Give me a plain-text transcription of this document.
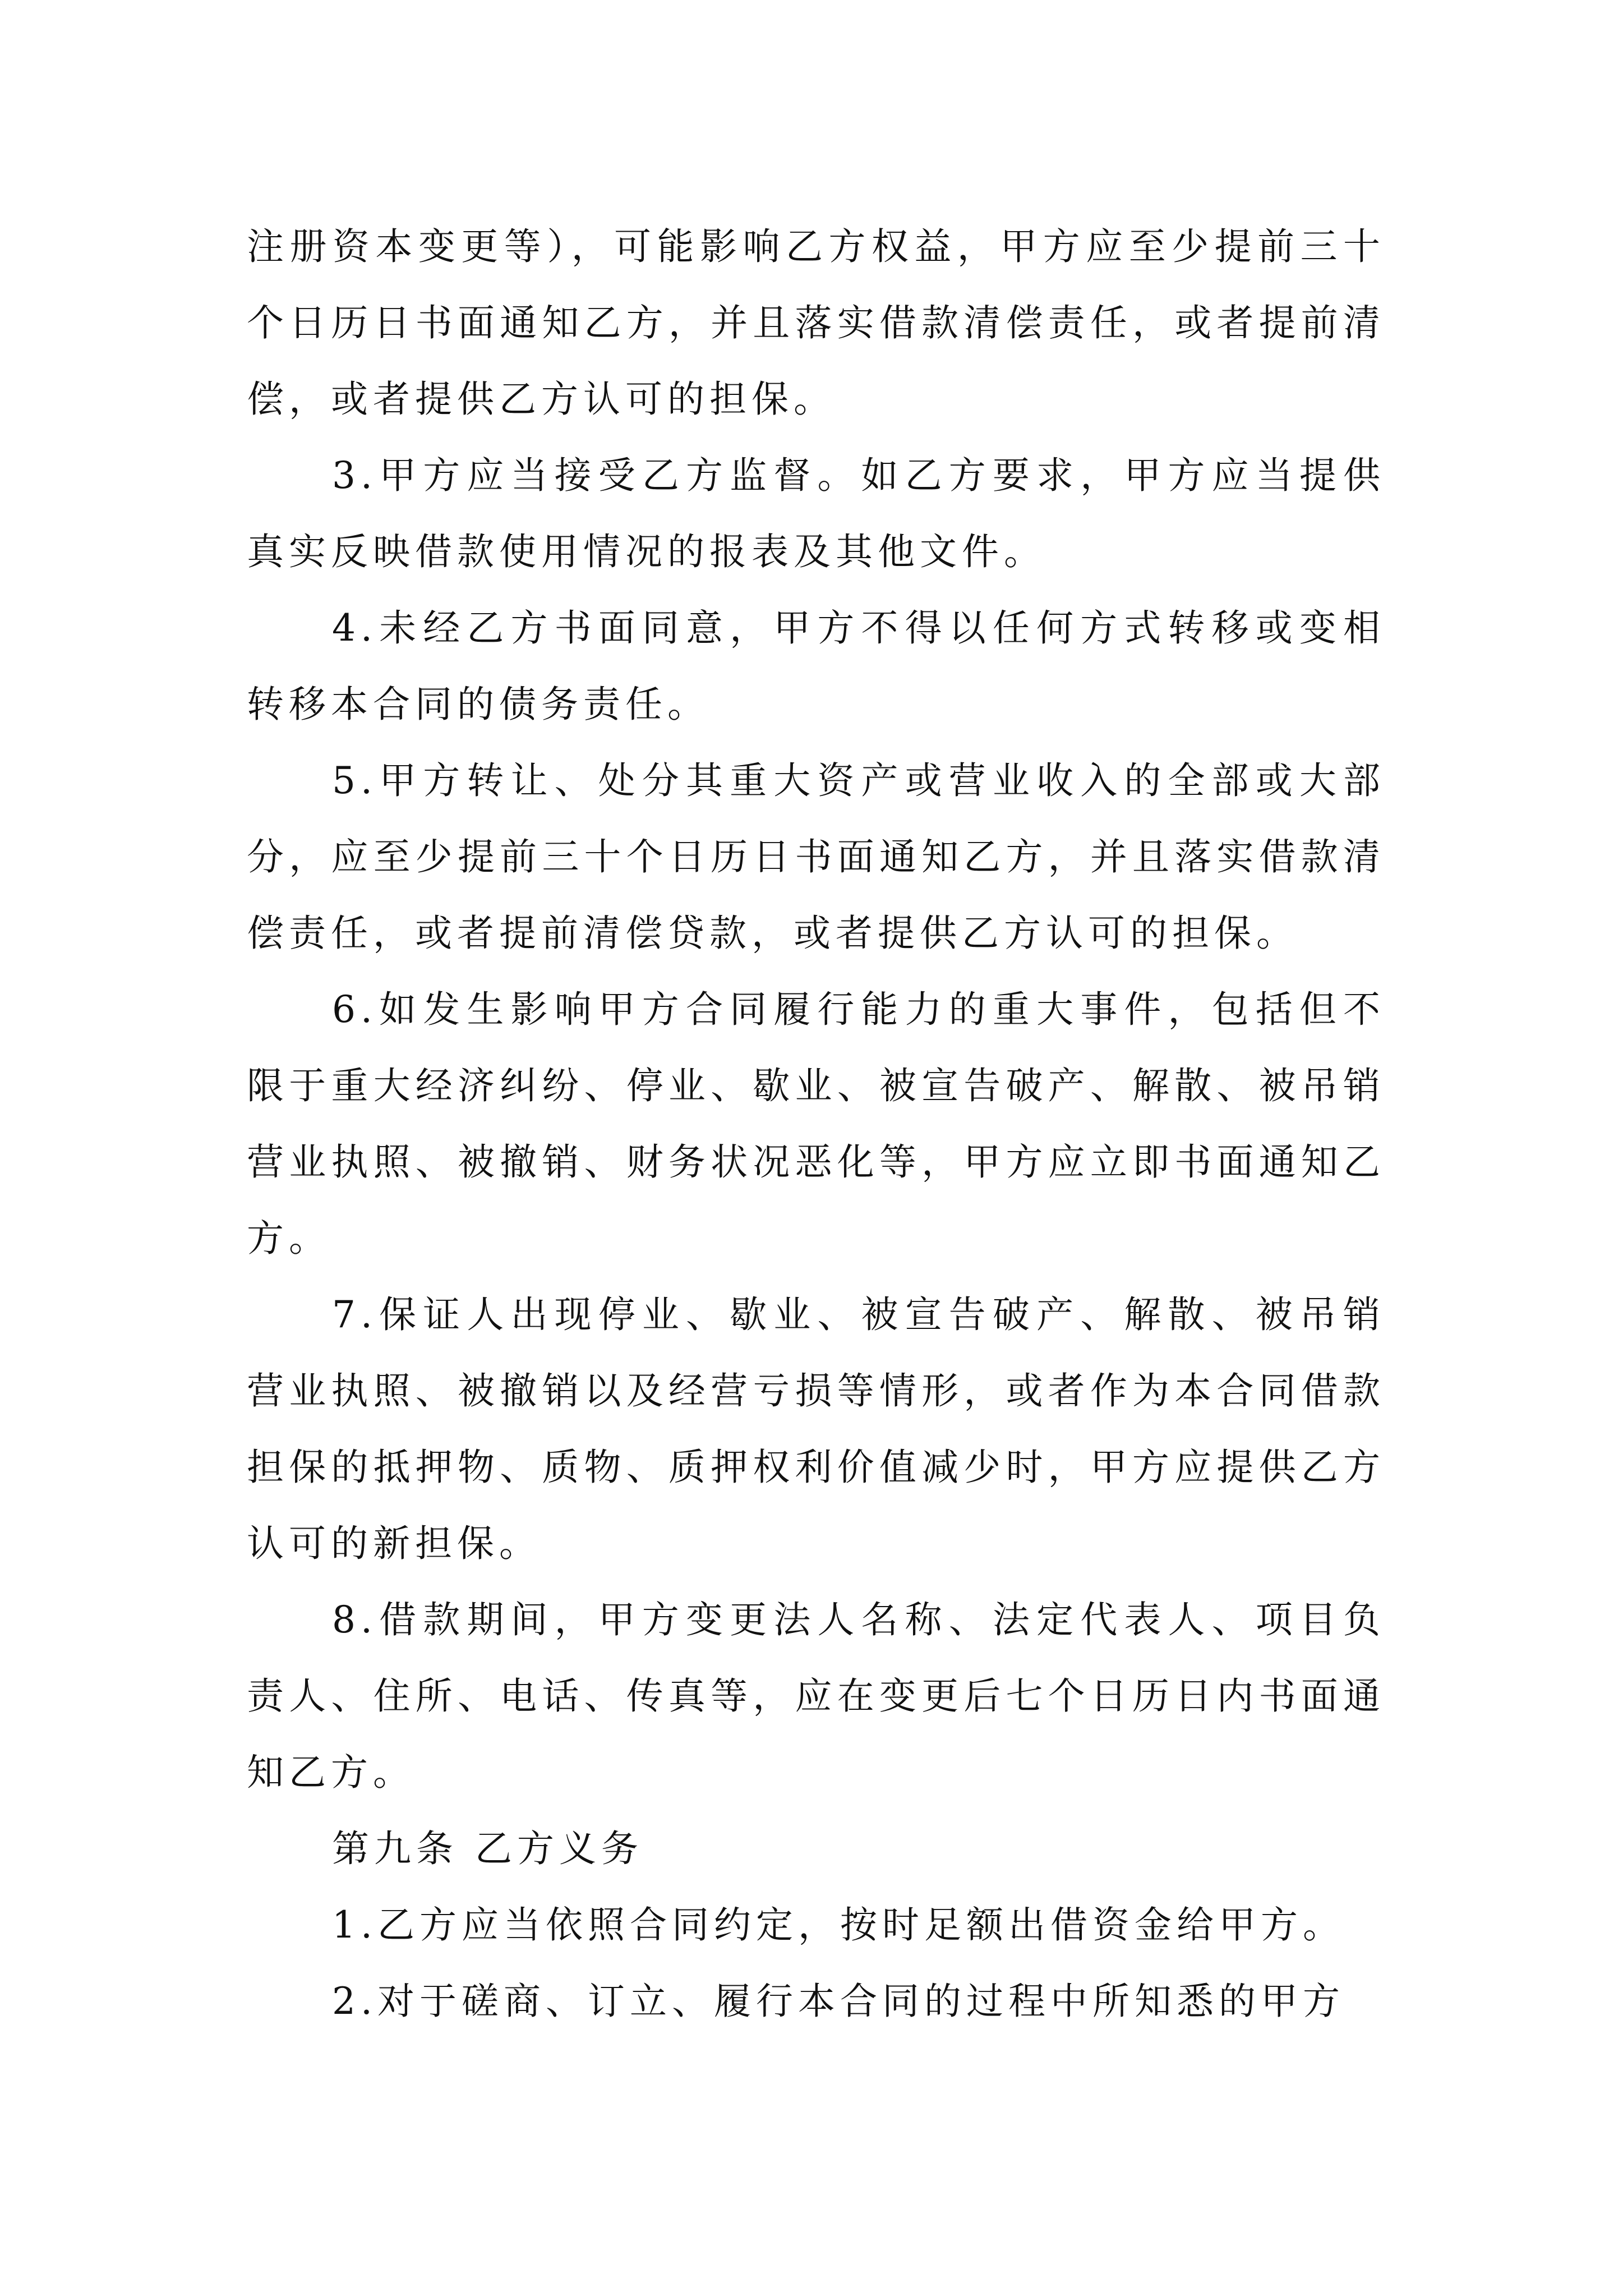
注册资本变更等），可能影响乙方权益，甲方应至少提前三十个日历日书面通知乙方，并且落实借款清偿责任，或者提前清偿，或者提供乙方认可的担保。

3.甲方应当接受乙方监督。如乙方要求，甲方应当提供真实反映借款使用情况的报表及其他文件。

4.未经乙方书面同意，甲方不得以任何方式转移或变相转移本合同的债务责任。

5.甲方转让、处分其重大资产或营业收入的全部或大部分，应至少提前三十个日历日书面通知乙方，并且落实借款清偿责任，或者提前清偿贷款，或者提供乙方认可的担保。

6.如发生影响甲方合同履行能力的重大事件，包括但不限于重大经济纠纷、停业、歇业、被宣告破产、解散、被吊销营业执照、被撤销、财务状况恶化等，甲方应立即书面通知乙方。

7.保证人出现停业、歇业、被宣告破产、解散、被吊销营业执照、被撤销以及经营亏损等情形，或者作为本合同借款担保的抵押物、质物、质押权利价值减少时，甲方应提供乙方认可的新担保。

8.借款期间，甲方变更法人名称、法定代表人、项目负责人、住所、电话、传真等，应在变更后七个日历日内书面通知乙方。

第九条 乙方义务

1.乙方应当依照合同约定，按时足额出借资金给甲方。

2.对于磋商、订立、履行本合同的过程中所知悉的甲方
